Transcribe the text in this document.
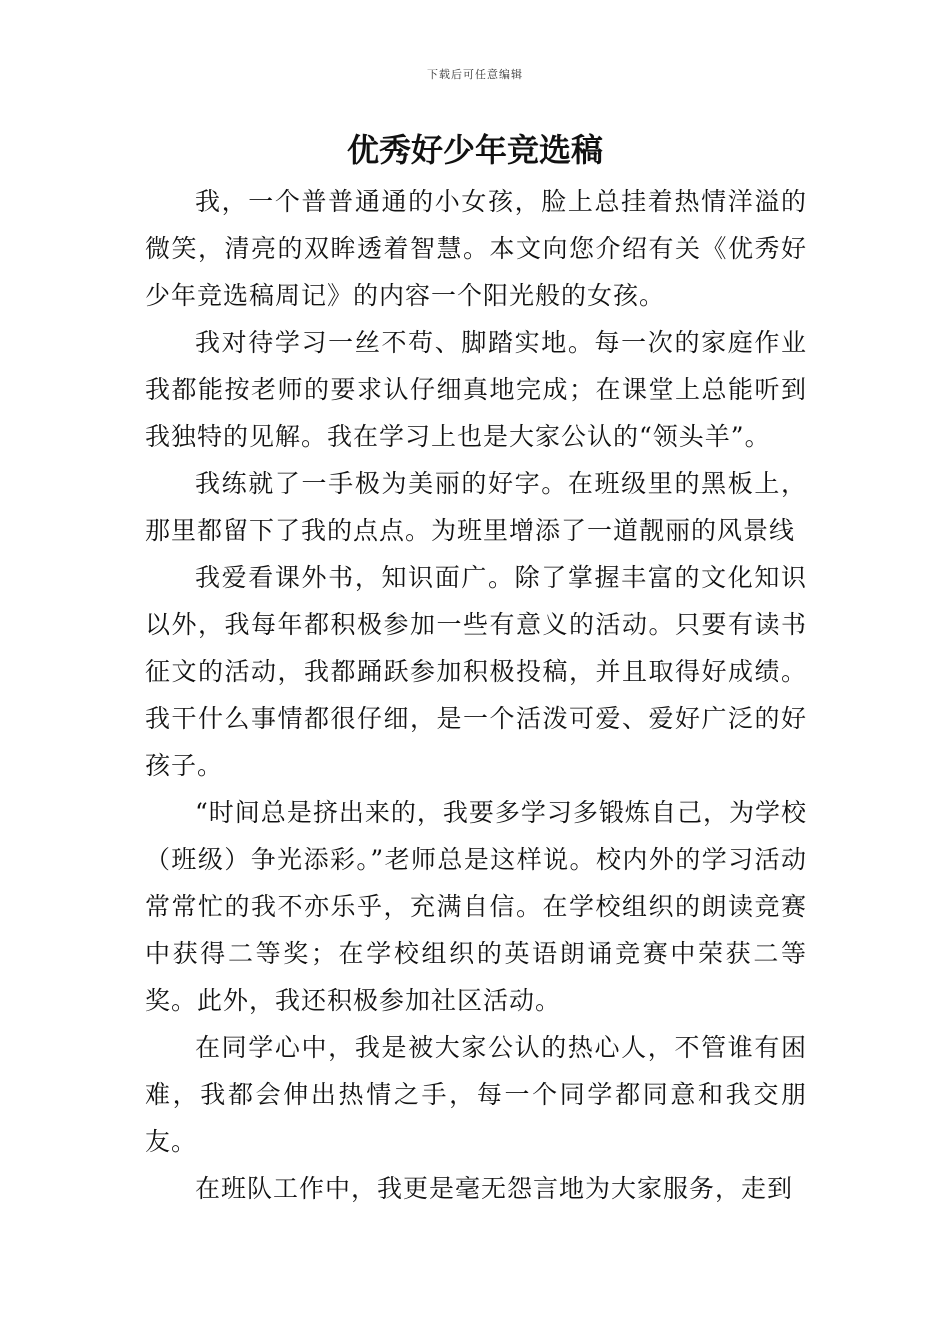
下载后可任意编辑
优秀好少年竞选稿

我，一个普普通通的小女孩，脸上总挂着热情洋溢的微笑，清亮的双眸透着智慧。本文向您介绍有关《优秀好少年竞选稿周记》的内容一个阳光般的女孩。

我对待学习一丝不苟、脚踏实地。每一次的家庭作业我都能按老师的要求认仔细真地完成；在课堂上总能听到我独特的见解。我在学习上也是大家公认的“领头羊”。

我练就了一手极为美丽的好字。在班级里的黑板上，那里都留下了我的点点。为班里增添了一道靓丽的风景线

我爱看课外书，知识面广。除了掌握丰富的文化知识以外，我每年都积极参加一些有意义的活动。只要有读书征文的活动，我都踊跃参加积极投稿，并且取得好成绩。我干什么事情都很仔细，是一个活泼可爱、爱好广泛的好孩子。

“时间总是挤出来的，我要多学习多锻炼自己，为学校（班级）争光添彩。”老师总是这样说。校内外的学习活动常常忙的我不亦乐乎，充满自信。在学校组织的朗读竞赛中获得二等奖；在学校组织的英语朗诵竞赛中荣获二等奖。此外，我还积极参加社区活动。

在同学心中，我是被大家公认的热心人，不管谁有困难，我都会伸出热情之手，每一个同学都同意和我交朋友。

在班队工作中，我更是毫无怨言地为大家服务，走到
